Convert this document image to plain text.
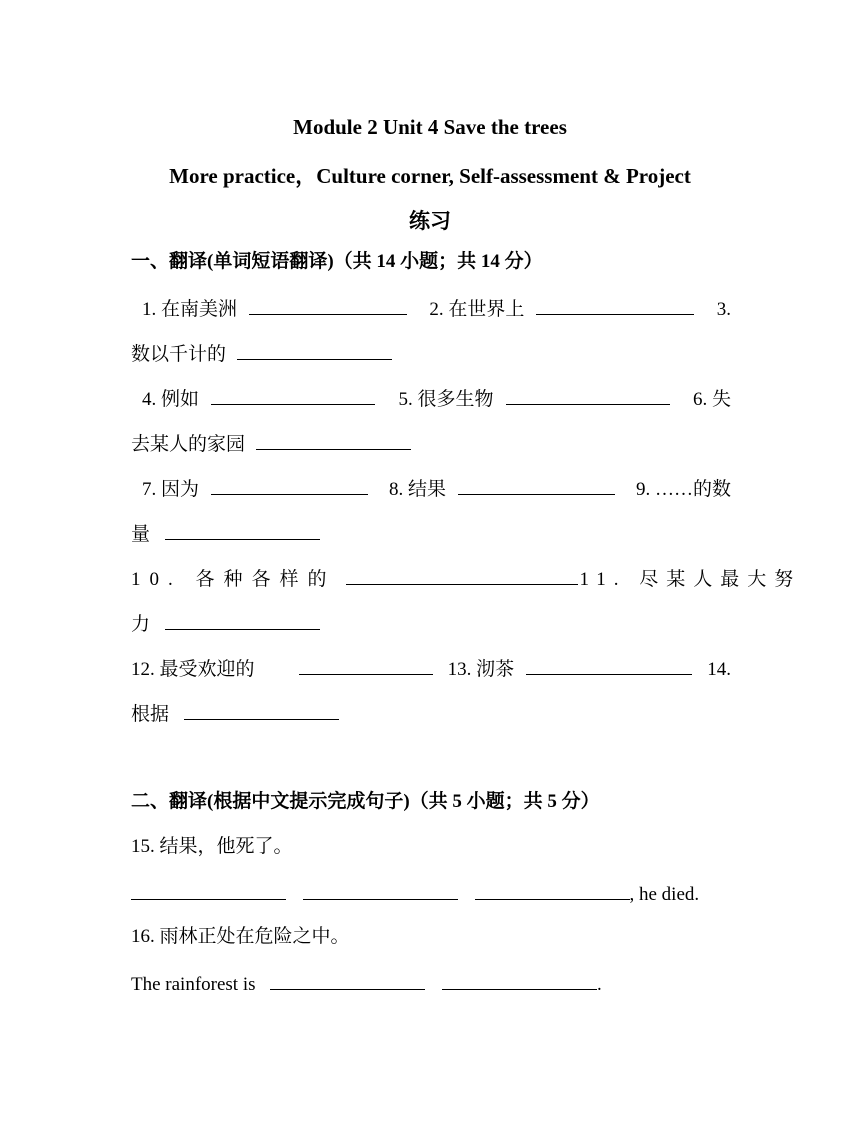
Module 2 Unit 4 Save the trees
More practice，Culture corner, Self-assessment & Project
练习
一、翻译(单词短语翻译)（共 14 小题；共 14 分）
1. 在南美洲	2. 在世界上	3.
数以千计的
4. 例如	5. 很多生物	6. 失
去某人的家园
7. 因为	8. 结果	9. ……的数
量
10. 各种各样的	11. 尽某人最大努
力
12. 最受欢迎的	13. 沏茶	14.
根据
二、翻译(根据中文提示完成句子)（共 5 小题；共 5 分）
15. 结果，他死了。
, he died.
16. 雨林正处在危险之中。
The rainforest is	.
